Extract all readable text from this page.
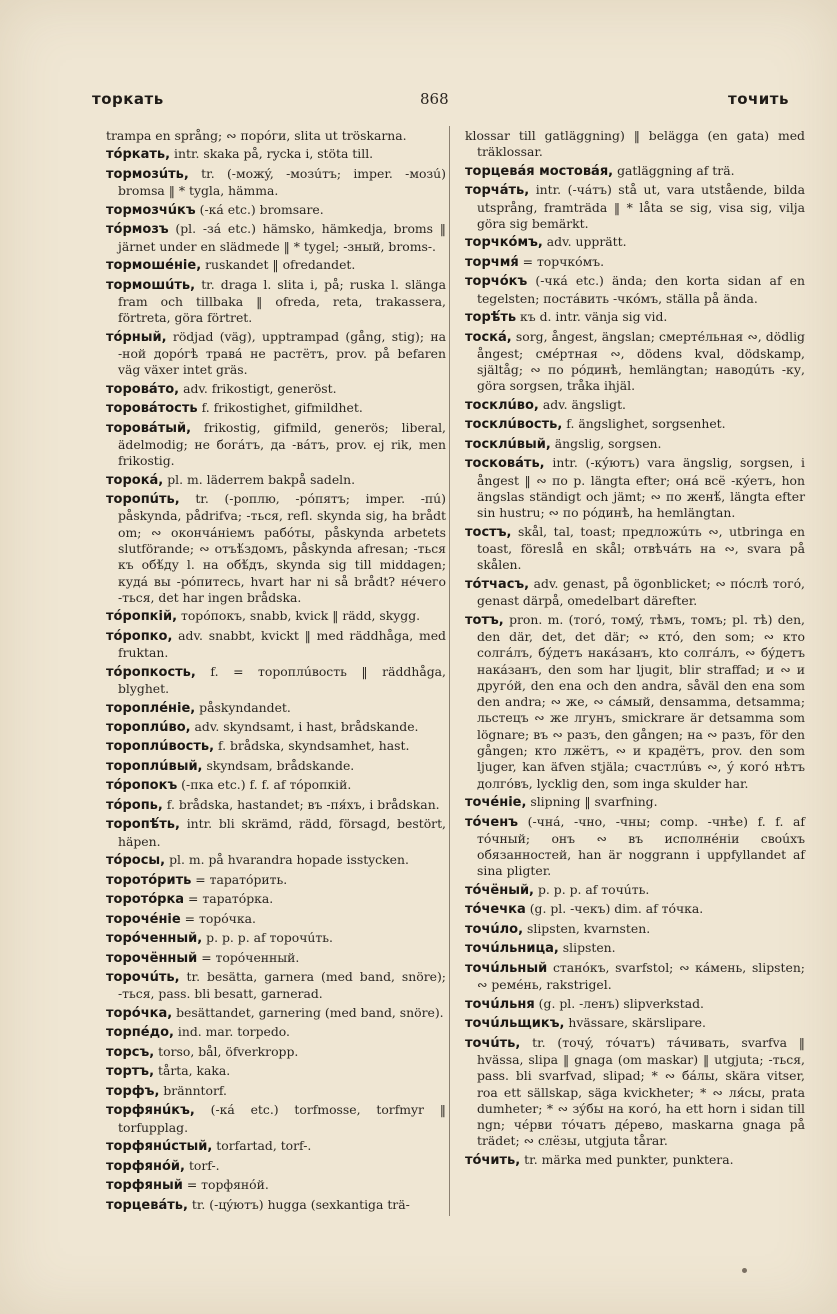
торкать	868	точить

trampa en språng; ∾ порóги, slita ut tröskarna.

тóркать, intr. skaka på, rycka i, stöta till.

тормозúть, tr. (-мoжý, -мозúтъ; imper. -мозú) bromsa ‖ * tygla, hämma.

тормозчúкъ (-кá etc.) bromsare.

тóрмозъ (pl. -зá etc.) hämsko, hämkedja, broms ‖ järnet under en slädmede ‖ * tygel; -зный, broms-.

тормошéніе, ruskandet ‖ ofredandet.

тормошúть, tr. draga l. slita i, på; ruska l. slänga fram och tillbaka ‖ ofreda, reta, trakassera, förtreta, göra förtret.

тóрный, rödjad (väg), upptrampad (gång, stig); на -ной дорóгѣ травá не растётъ, prov. på befaren väg växer intet gräs.

торовáто, adv. frikostigt, generöst.

торовáтость f. frikostighet, gifmildhet.

торовáтый, frikostig, gifmild, generös; liberal, ädelmodig; не богáтъ, да -вáтъ, prov. ej rik, men frikostig.

торокá, pl. m. läderrem bakpå sadeln.

торопúть, tr. (-роплю, -рóпятъ; imper. -пú) påskynda, pådrifva; -ться, refl. skynda sig, ha brådt om; ∾ окончáніемъ рабóты, påskynda arbetets slutförande; ∾ отъѣ́здомъ, påskynda afresan; -ться къ обѣ́ду l. на обѣ́дъ, skynda sig till middagen; кудá вы -рóпитесь, hvart har ni så brådt? нéчего -ться, det har ingen brådska.

тóропкій, торóпокъ, snabb, kvick ‖ rädd, skygg.

тóропко, adv. snabbt, kvickt ‖ med räddhåga, med fruktan.

тóропкость, f. = тороплúвость ‖ räddhåga, blyghet.

торопле́ніе, påskyndandet.

тороплúво, adv. skyndsamt, i hast, brådskande.

тороплúвость, f. brådska, skyndsamhet, hast.

тороплúвый, skyndsam, brådskande.

тóропокъ (-пка etc.) f. f. af тóропкій.

тóропь, f. brådska, hastandet; въ -пя́хъ, i brådskan.

торопѣ́ть, intr. bli skrämd, rädd, försagd, bestört, häpen.

тóросы, pl. m. på hvarandra hopade isstycken.

торотóрить = таратóрить.

торотóрка = таратóрка.

торочéніе = торóчка.

торóченный, p. p. p. af торочúть.

торочённый = торóченный.

торочúть, tr. besätta, garnera (med band, snöre); -ться, pass. bli besatt, garnerad.

торóчка, besättandet, garnering (med band, snöre).

торпéдо, ind. mar. torpedo.

торсъ, torso, bål, öfverkropp.

тортъ, tårta, kaka.

торфъ, bränntorf.

торфянúкъ, (-кá etc.) torfmosse, torfmyr ‖ torfupplag.

торфянúстый, torfartad, torf-.

торфянóй, torf-.

торфяный = торфянóй.

торцевáть, tr. (-цýютъ) hugga (sexkantiga trä-

klossar till gatläggning) ‖ belägga (en gata) med träklossar.

торцевáя мостовáя, gatläggning af trä.

торчáть, intr. (-чáтъ) stå ut, vara utstående, bilda utsprång, framträda ‖ * låta se sig, visa sig, vilja göra sig bemärkt.

торчкóмъ, adv. upprätt.

торчмя́ = торчкóмъ.

торчóкъ (-чкá etc.) ända; den korta sidan af en tegelsten; постáвить -чкóмъ, ställa på ända.

торѣ́ть къ d. intr. vänja sig vid.

тоскá, sorg, ångest, ängslan; смертéльная ∾, dödlig ångest; смéртная ∾, dödens kval, dödskamp, själtåg; ∾ по рóдинѣ, hemlängtan; наводúть -ку, göra sorgsen, tråka ihjäl.

тосклúво, adv. ängsligt.

тосклúвость, f. ängslighet, sorgsenhet.

тосклúвый, ängslig, sorgsen.

тосковáть, intr. (-кýютъ) vara ängslig, sorgsen, i ångest ‖ ∾ по p. längta efter; онá всё -кýетъ, hon ängslas ständigt och jämt; ∾ по женѣ́, längta efter sin hustru; ∾ по рóдинѣ, ha hemlängtan.

тостъ, skål, tal, toast; предложúть ∾, utbringa en toast, föreslå en skål; отвѣчáть на ∾, svara på skålen.

тóтчасъ, adv. genast, på ögonblicket; ∾ пóслѣ тогó, genast därpå, omedelbart därefter.

тотъ, pron. m. (тогó, томý, тѣмъ, томъ; pl. тѣ) den, den där, det, det där; ∾ ктó, den som; ∾ кто солгáлъ, бýдетъ накáзанъ, kto солгáлъ, ∾ бýдетъ накáзанъ, den som har ljugit, blir straffad; и ∾ и другóй, den ena och den andra, såväl den ena som den andra; ∾ же, ∾ сáмый, densamma, detsamma; льстецъ ∾ же лгунъ, smickrare är detsamma som lögnare; въ ∾ разъ, den gången; на ∾ разъ, för den gången; кто лжётъ, ∾ и крадётъ, prov. den som ljuger, kan äfven stjäla; счастлúвъ ∾, ý когó нѣтъ долгóвъ, lycklig den, som inga skulder har.

точéніе, slipning ‖ svarfning.

тóченъ (-чнá, -чно, -чны; comp. -чнѣе) f. f. af тóчный; онъ ∾ въ исполнéніи свoúхъ обязанностей, han är noggrann i uppfyllandet af sina pligter.

тóчёный, p. p. p. af точúть.

тóчечка (g. pl. -чекъ) dim. af тóчка.

точúло, slipsten, kvarnsten.

точúльница, slipsten.

точúльный станóкъ, svarfstol; ∾ кáмень, slipsten; ∾ ремéнь, rakstrigel.

точúльня (g. pl. -ленъ) slipverkstad.

точúльщикъ, hvässare, skärslipare.

точúть, tr. (точý, тóчатъ) тáчивать, svarfva ‖ hvässa, slipa ‖ gnaga (om maskar) ‖ utgjuta; -ться, pass. bli svarfvad, slipad; * ∾ бáлы, skära vitser, roa ett sällskap, säga kvickheter; * ∾ ля́сы, prata dumheter; * ∾ зýбы на когó, ha ett horn i sidan till ngn; чéрви тóчатъ дéрево, maskarna gnaga på trädet; ∾ слёзы, utgjuta tårar.

тóчить, tr. märka med punkter, punktera.
